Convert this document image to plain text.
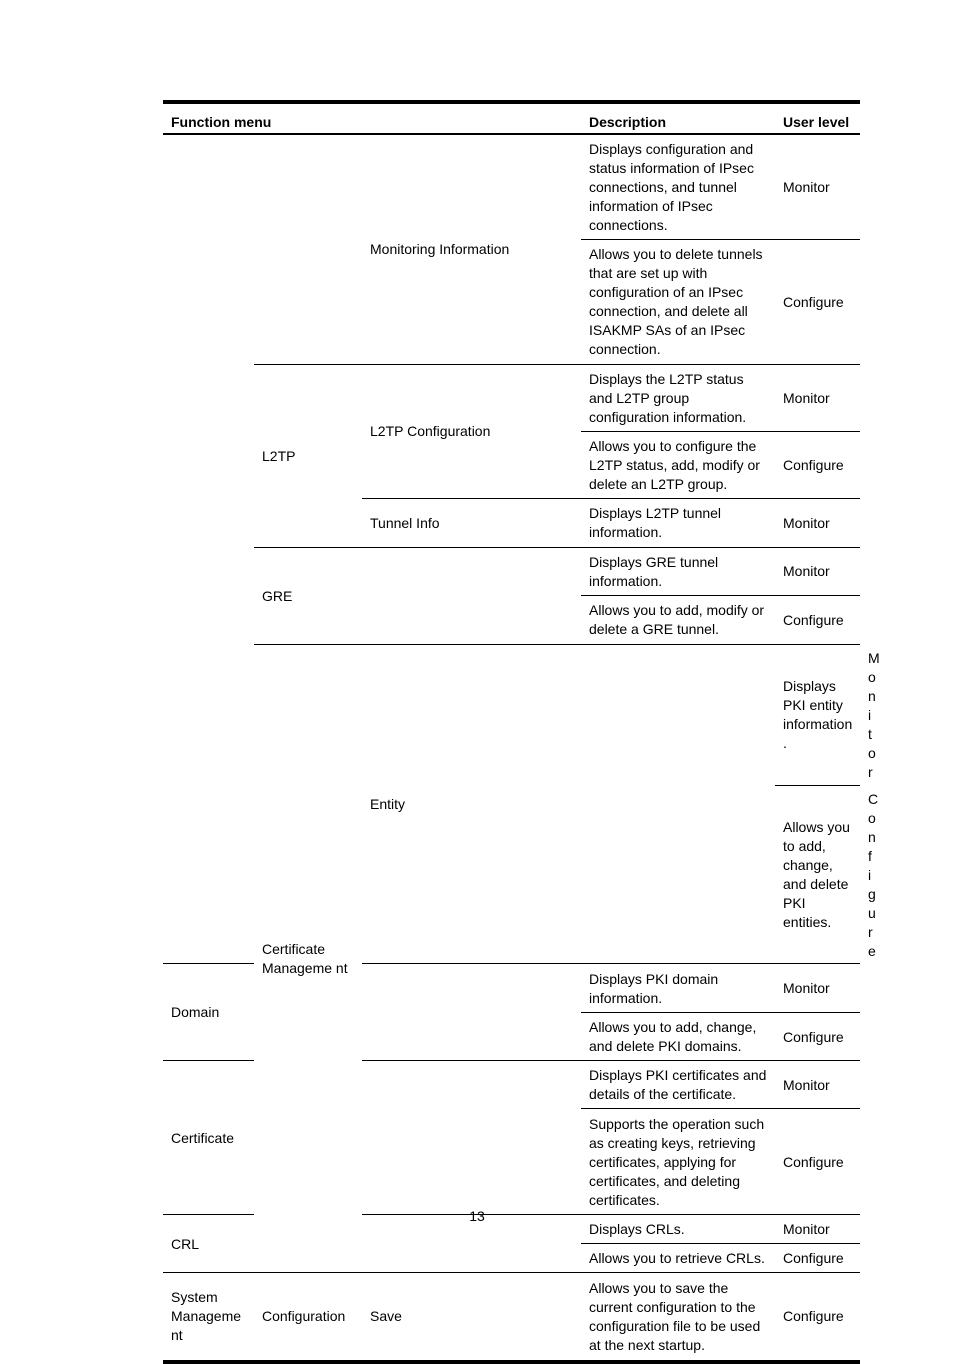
Function menu			Description	User level	
		Monitoring Information	Displays configuration and status information of IPsec connections, and tunnel information of IPsec connections.	Monitor	
			Allows you to delete tunnels that are set up with configuration of an IPsec connection, and delete all ISAKMP SAs of an IPsec connection.	Configure	
	L2TP	L2TP Configuration	Displays the L2TP status and L2TP group configuration information.	Monitor	
			Allows you to configure the L2TP status, add, modify or delete an L2TP group.	Configure	
		Tunnel Info	Displays L2TP tunnel information.	Monitor	
	GRE		Displays GRE tunnel information.	Monitor	
			Allows you to add, modify or delete a GRE tunnel.	Configure	
	Certificate Manageme nt	Entity		Displays PKI entity information.	Monitor
				Allows you to add, change, and delete PKI entities.	Configure
Domain			Displays PKI domain information.	Monitor	
			Allows you to add, change, and delete PKI domains.	Configure	
Certificate			Displays PKI certificates and details of the certificate.	Monitor	
			Supports the operation such as creating keys, retrieving certificates, applying for certificates, and deleting certificates.	Configure	
CRL			Displays CRLs.	Monitor	
			Allows you to retrieve CRLs.	Configure	
System Manageme nt	Configuration	Save	Allows you to save the current configuration to the configuration file to be used at the next startup.	Configure	
13
